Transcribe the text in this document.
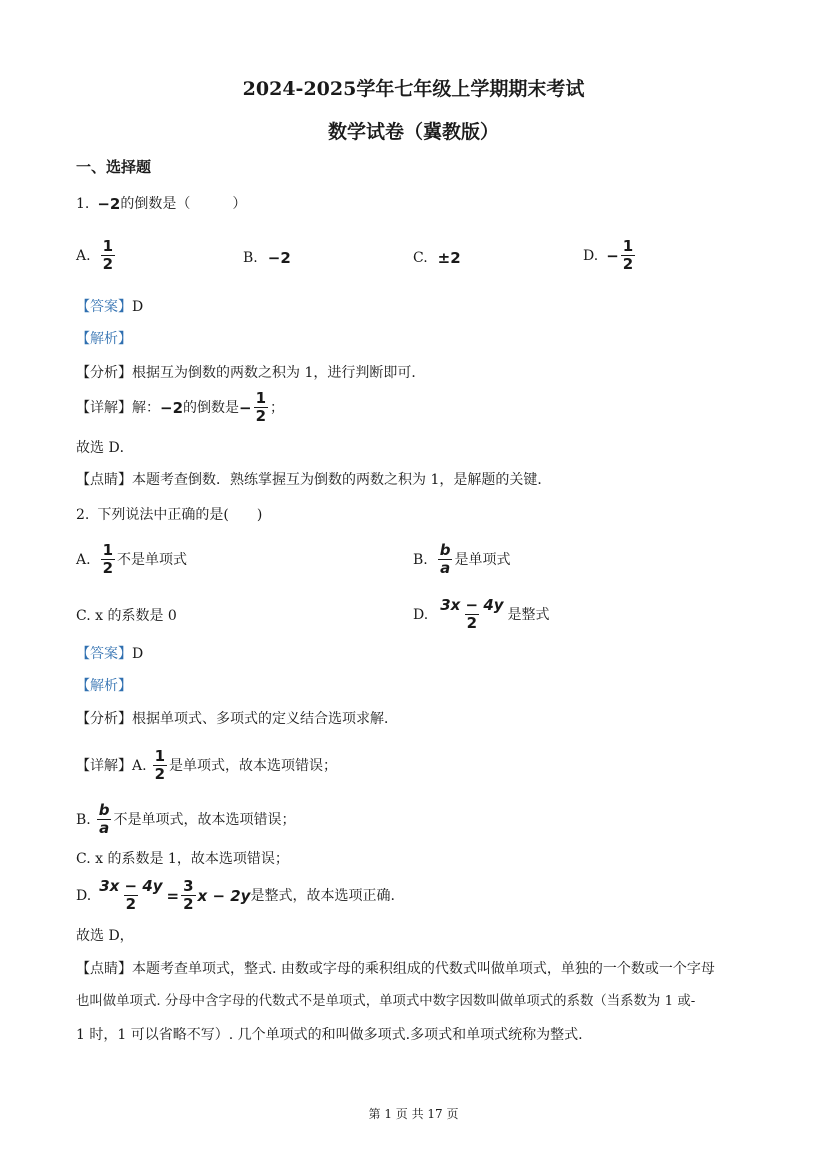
2024-2025学年七年级上学期期末考试
数学试卷（冀教版）
一、选择题
1. −2 的倒数是（　　　）
A. $\frac{1}{2}$	B. −2	C. ±2	D. − $\frac{1}{2}$
【答案】D
【解析】
【分析】根据互为倒数的两数之积为 1，进行判断即可．
【详解】 解： −2 的倒数是 − $\frac{1}{2}$ ；
故选 D．
【点睛】本题考查倒数．熟练掌握互为倒数的两数之积为 1，是解题的关键．
2. 下列说法中正确的是(　　)
A. $\frac{1}{2}$ 不是单项式	B. $\frac{b}{a}$ 是单项式
C. x 的系数是 0	D. $\frac{3x - 4y}{2}$ 是整式
【答案】D
【解析】
【分析】根据单项式、多项式的定义结合选项求解．
【详解】 A. $\frac{1}{2}$ 是单项式，故本选项错误；
B. $\frac{b}{a}$ 不是单项式，故本选项错误；
C. x 的系数是 1，故本选项错误；
D. $\frac{3x - 4y}{2} = \frac{3}{2}$ x − 2y 是整式，故本选项正确.
故选 D，
【点睛】本题考查单项式，整式. 由数或字母的乘积组成的代数式叫做单项式，单独的一个数或一个字母
也叫做单项式. 分母中含字母的代数式不是单项式，单项式中数字因数叫做单项式的系数（当系数为 1 或-
1 时，1 可以省略不写）. 几个单项式的和叫做多项式.多项式和单项式统称为整式.
第 1 页 共 17 页
